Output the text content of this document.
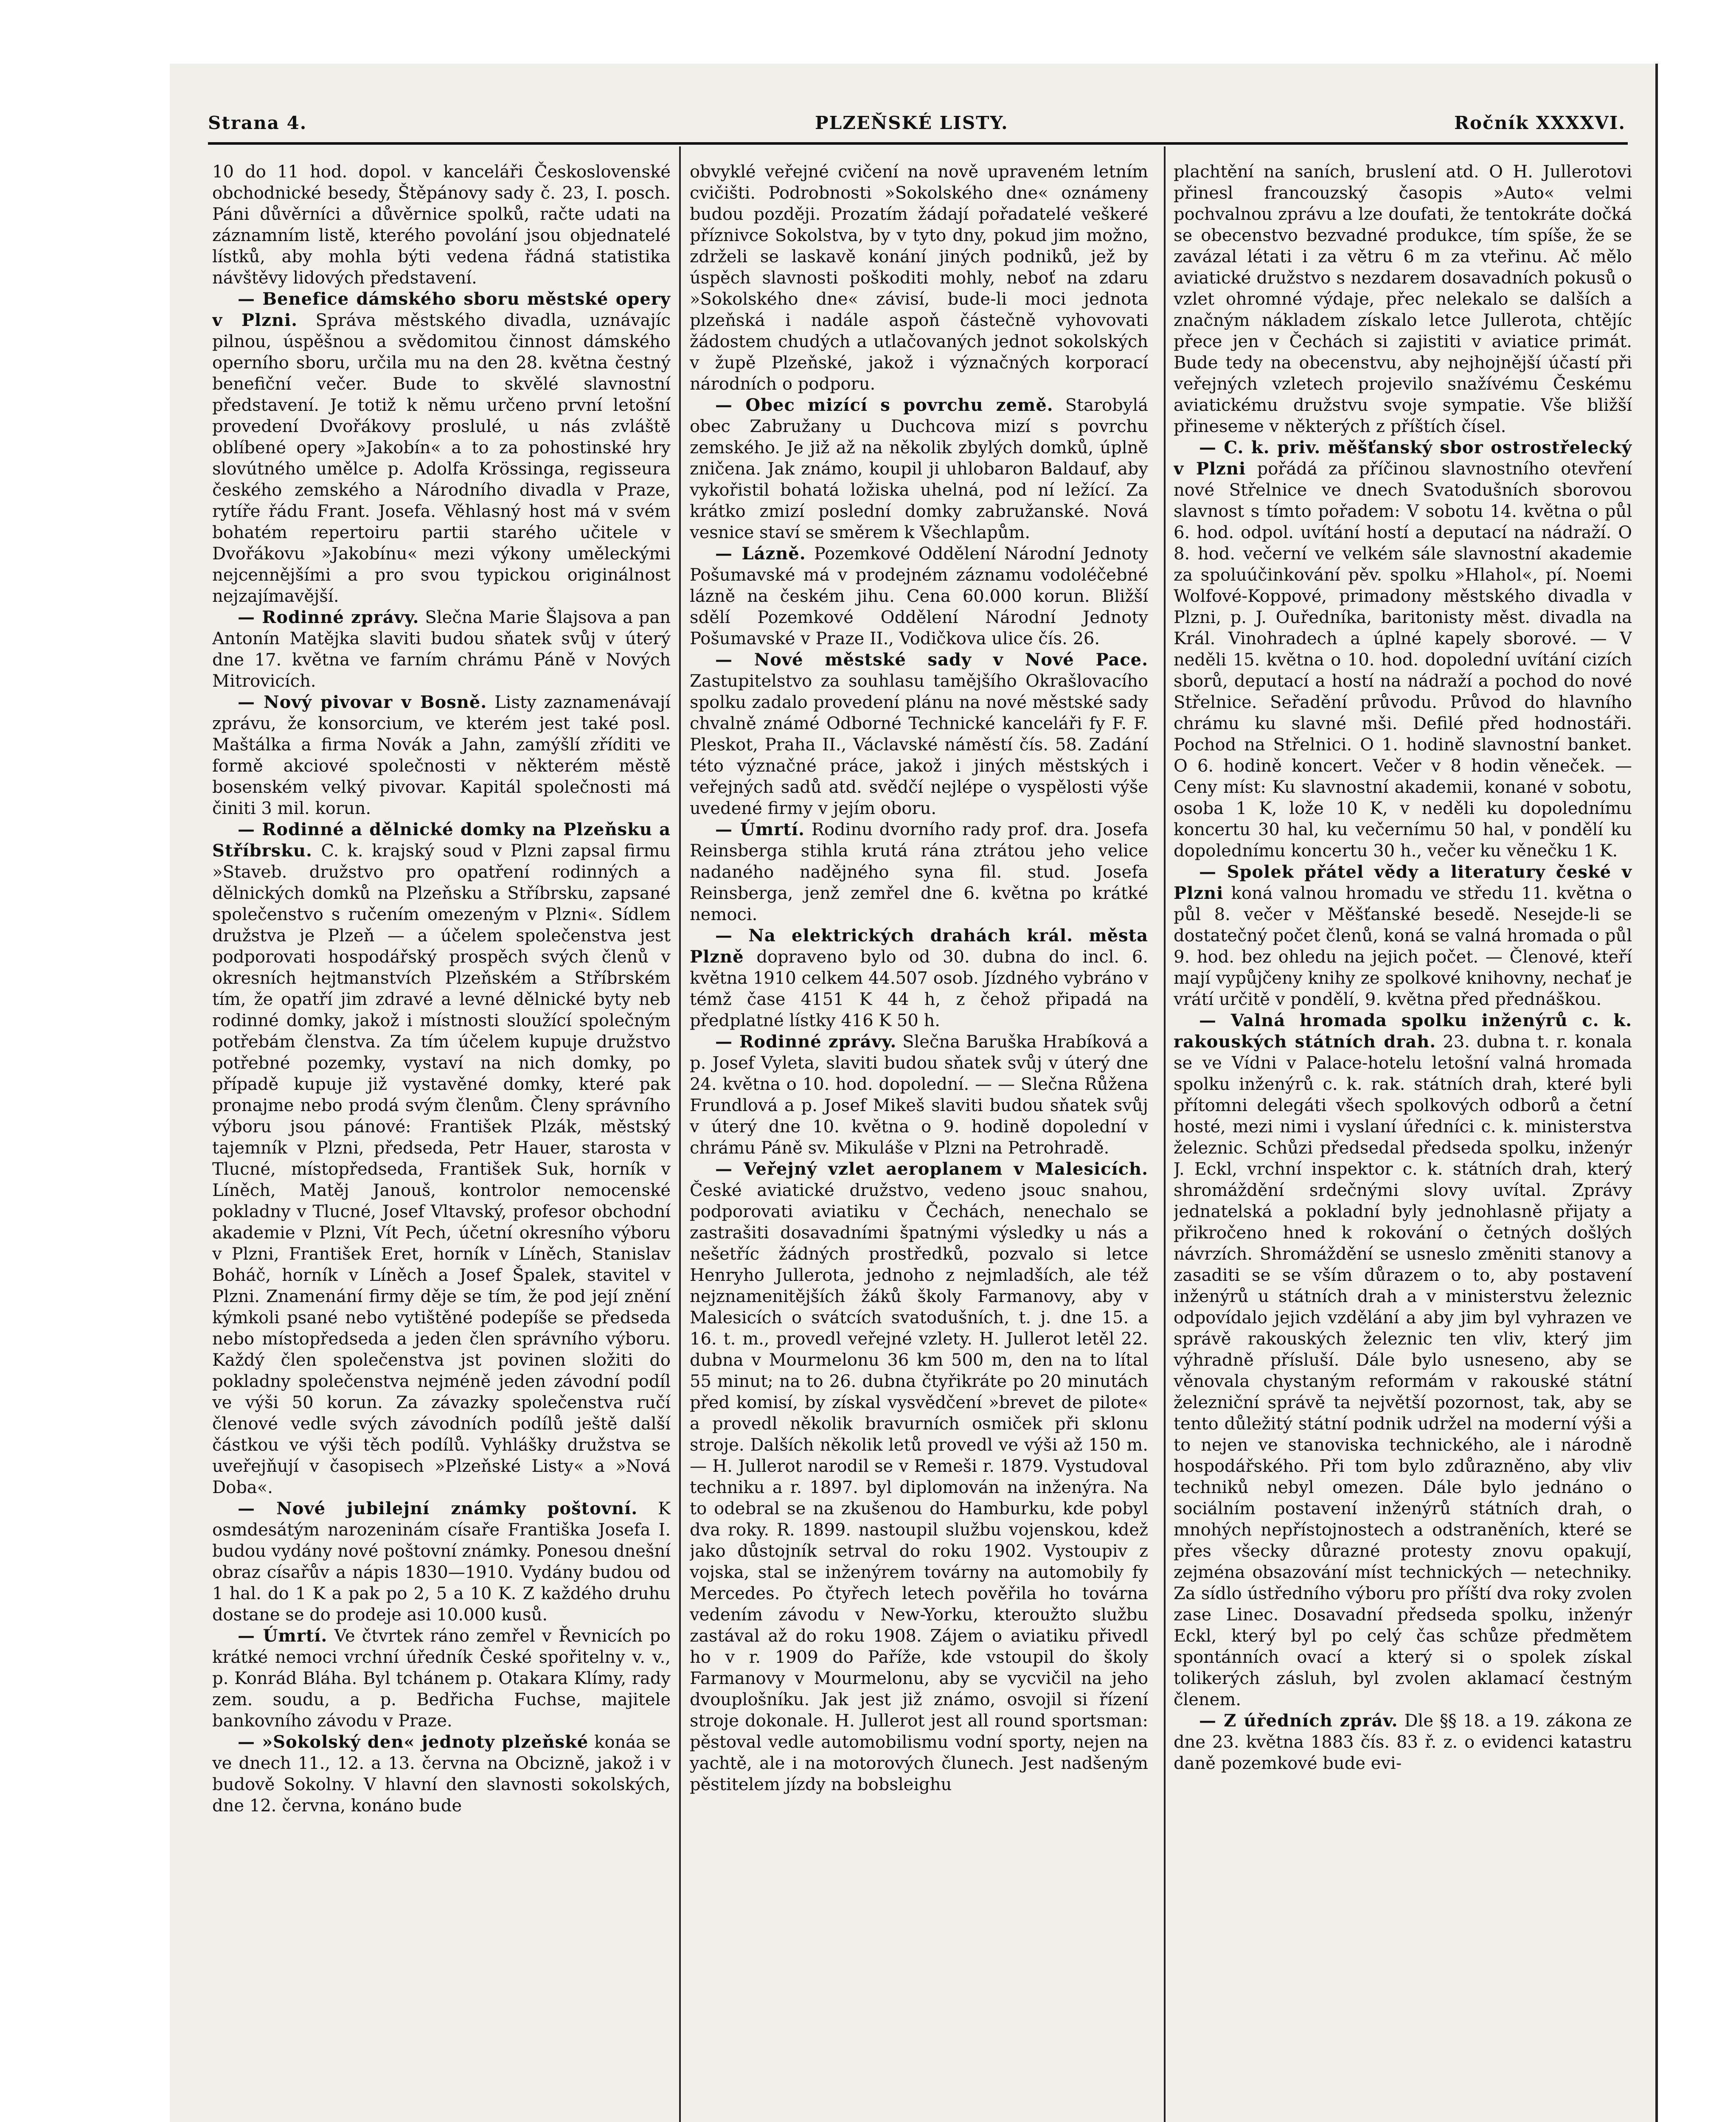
Strana 4.	PLZEŇSKÉ LISTY.	Ročník XXXXVI.

10 do 11 hod. dopol. v kanceláři Československé obchodnické besedy, Štěpánovy sady č. 23, I. posch. Páni důvěrníci a důvěrnice spolků, račte udati na záznamním listě, kterého povolání jsou objednatelé lístků, aby mohla býti vedena řádná statistika návštěvy lidových představení.

— Benefice dámského sboru městské opery v Plzni. Správa městského divadla, uznávajíc pilnou, úspěšnou a svědomitou činnost dámského operního sboru, určila mu na den 28. května čestný benefiční večer. Bude to skvělé slavnostní představení. Je totiž k němu určeno první letošní provedení Dvořákovy proslulé, u nás zvláště oblíbené opery »Jakobín« a to za pohostinské hry slovútného umělce p. Adolfa Krössinga, regisseura českého zemského a Národního divadla v Praze, rytíře řádu Frant. Josefa. Věhlasný host má v svém bohatém repertoiru partii starého učitele v Dvořákovu »Jakobínu« mezi výkony uměleckými nejcennějšími a pro svou typickou originálnost nejzajímavější.

— Rodinné zprávy. Slečna Marie Šlajsova a pan Antonín Matějka slaviti budou sňatek svůj v úterý dne 17. května ve farním chrámu Páně v Nových Mitrovicích.

— Nový pivovar v Bosně. Listy zaznamenávají zprávu, že konsorcium, ve kterém jest také posl. Maštálka a firma Novák a Jahn, zamýšlí zříditi ve formě akciové společnosti v některém městě bosenském velký pivovar. Kapitál společnosti má činiti 3 mil. korun.

— Rodinné a dělnické domky na Plzeňsku a Stříbrsku. C. k. krajský soud v Plzni zapsal firmu »Staveb. družstvo pro opatření rodinných a dělnických domků na Plzeňsku a Stříbrsku, zapsané společenstvo s ručením omezeným v Plzni«. Sídlem družstva je Plzeň — a účelem společenstva jest podporovati hospodářský prospěch svých členů v okresních hejtmanstvích Plzeňském a Stříbrském tím, že opatří jim zdravé a levné dělnické byty neb rodinné domky, jakož i místnosti sloužící společným potřebám členstva. Za tím účelem kupuje družstvo potřebné pozemky, vystaví na nich domky, po případě kupuje již vystavěné domky, které pak pronajme nebo prodá svým členům. Členy správního výboru jsou pánové: František Plzák, městský tajemník v Plzni, předseda, Petr Hauer, starosta v Tlucné, místopředseda, František Suk, horník v Líněch, Matěj Janouš, kontrolor nemocenské pokladny v Tlucné, Josef Vltavský, profesor obchodní akademie v Plzni, Vít Pech, účetní okresního výboru v Plzni, František Eret, horník v Líněch, Stanislav Boháč, horník v Líněch a Josef Špalek, stavitel v Plzni. Znamenání firmy děje se tím, že pod její znění kýmkoli psané nebo vytištěné podepíše se předseda nebo místopředseda a jeden člen správního výboru. Každý člen společenstva jst povinen složiti do pokladny společenstva nejméně jeden závodní podíl ve výši 50 korun. Za závazky společenstva ručí členové vedle svých závodních podílů ještě další částkou ve výši těch podílů. Vyhlášky družstva se uveřejňují v časopisech »Plzeňské Listy« a »Nová Doba«.

— Nové jubilejní známky poštovní. K osmdesátým narozeninám císaře Františka Josefa I. budou vydány nové poštovní známky. Ponesou dnešní obraz císařův a nápis 1830—1910. Vydány budou od 1 hal. do 1 K a pak po 2, 5 a 10 K. Z každého druhu dostane se do prodeje asi 10.000 kusů.

— Úmrtí. Ve čtvrtek ráno zemřel v Řevnicích po krátké nemoci vrchní úředník České spořitelny v. v., p. Konrád Bláha. Byl tchánem p. Otakara Klímy, rady zem. soudu, a p. Bedřicha Fuchse, majitele bankovního závodu v Praze.

— »Sokolský den« jednoty plzeňské konáa se ve dnech 11., 12. a 13. června na Obcizně, jakož i v budově Sokolny. V hlavní den slavnosti sokolských, dne 12. června, konáno bude

obvyklé veřejné cvičení na nově upraveném letním cvičišti. Podrobnosti »Sokolského dne« oznámeny budou později. Prozatím žádají pořadatelé veškeré příznivce Sokolstva, by v tyto dny, pokud jim možno, zdrželi se laskavě konání jiných podniků, jež by úspěch slavnosti poškoditi mohly, neboť na zdaru »Sokolského dne« závisí, bude-li moci jednota plzeňská i nadále aspoň částečně vyhovovati žádostem chudých a utlačovaných jednot sokolských v župě Plzeňské, jakož i význačných korporací národních o podporu.

— Obec mizící s povrchu země. Starobylá obec Zabružany u Duchcova mizí s povrchu zemského. Je již až na několik zbylých domků, úplně zničena. Jak známo, koupil ji uhlobaron Baldauf, aby vykořistil bohatá ložiska uhelná, pod ní ležící. Za krátko zmizí poslední domky zabružanské. Nová vesnice staví se směrem k Všechlapům.

— Lázně. Pozemkové Oddělení Národní Jednoty Pošumavské má v prodejném záznamu vodoléčebné lázně na českém jihu. Cena 60.000 korun. Bližší sdělí Pozemkové Oddělení Národní Jednoty Pošumavské v Praze II., Vodičkova ulice čís. 26.

— Nové městské sady v Nové Pace. Zastupitelstvo za souhlasu tamějšího Okrašlovacího spolku zadalo provedení plánu na nové městské sady chvalně známé Odborné Technické kanceláři fy F. F. Pleskot, Praha II., Václavské náměstí čís. 58. Zadání této význačné práce, jakož i jiných městských i veřejných sadů atd. svědčí nejlépe o vyspělosti výše uvedené firmy v jejím oboru.

— Úmrtí. Rodinu dvorního rady prof. dra. Josefa Reinsberga stihla krutá rána ztrátou jeho velice nadaného nadějného syna fil. stud. Josefa Reinsberga, jenž zemřel dne 6. května po krátké nemoci.

— Na elektrických drahách král. města Plzně dopraveno bylo od 30. dubna do incl. 6. května 1910 celkem 44.507 osob. Jízdného vybráno v témž čase 4151 K 44 h, z čehož připadá na předplatné lístky 416 K 50 h.

— Rodinné zprávy. Slečna Baruška Hrabíková a p. Josef Vyleta, slaviti budou sňatek svůj v úterý dne 24. května o 10. hod. dopolední. — — Slečna Růžena Frundlová a p. Josef Mikeš slaviti budou sňatek svůj v úterý dne 10. května o 9. hodině dopolední v chrámu Páně sv. Mikuláše v Plzni na Petrohradě.

— Veřejný vzlet aeroplanem v Malesicích. České aviatické družstvo, vedeno jsouc snahou, podporovati aviatiku v Čechách, nenechalo se zastrašiti dosavadními špatnými výsledky u nás a nešetříc žádných prostředků, pozvalo si letce Henryho Jullerota, jednoho z nejmladších, ale též nejznamenitějších žáků školy Farmanovy, aby v Malesicích o svátcích svatodušních, t. j. dne 15. a 16. t. m., provedl veřejné vzlety. H. Jullerot letěl 22. dubna v Mourmelonu 36 km 500 m, den na to lítal 55 minut; na to 26. dubna čtyřikráte po 20 minutách před komisí, by získal vysvědčení »brevet de pilote« a provedl několik bravurních osmiček při sklonu stroje. Dalších několik letů provedl ve výši až 150 m. — H. Jullerot narodil se v Remeši r. 1879. Vystudoval techniku a r. 1897. byl diplomován na inženýra. Na to odebral se na zkušenou do Hamburku, kde pobyl dva roky. R. 1899. nastoupil službu vojenskou, kdež jako důstojník setrval do roku 1902. Vystoupiv z vojska, stal se inženýrem továrny na automobily fy Mercedes. Po čtyřech letech pověřila ho továrna vedením závodu v New-Yorku, kteroužto službu zastával až do roku 1908. Zájem o aviatiku přivedl ho v r. 1909 do Paříže, kde vstoupil do školy Farmanovy v Mourmelonu, aby se vycvičil na jeho dvouplošníku. Jak jest již známo, osvojil si řízení stroje dokonale. H. Jullerot jest all round sportsman: pěstoval vedle automobilismu vodní sporty, nejen na yachtě, ale i na motorových člunech. Jest nadšeným pěstitelem jízdy na bobsleighu

plachtění na saních, bruslení atd. O H. Jullerotovi přinesl francouzský časopis »Auto« velmi pochvalnou zprávu a lze doufati, že tentokráte dočká se obecenstvo bezvadné produkce, tím spíše, že se zavázal létati i za větru 6 m za vteřinu. Ač mělo aviatické družstvo s nezdarem dosavadních pokusů o vzlet ohromné výdaje, přec nelekalo se dalších a značným nákladem získalo letce Jullerota, chtějíc přece jen v Čechách si zajistiti v aviatice primát. Bude tedy na obecenstvu, aby nejhojnější účastí při veřejných vzletech projevilo snažívému Českému aviatickému družstvu svoje sympatie. Vše bližší přineseme v některých z příštích čísel.

— C. k. priv. měšťanský sbor ostrostřelecký v Plzni pořádá za příčinou slavnostního otevření nové Střelnice ve dnech Svatodušních sborovou slavnost s tímto pořadem: V sobotu 14. května o půl 6. hod. odpol. uvítání hostí a deputací na nádraží. O 8. hod. večerní ve velkém sále slavnostní akademie za spoluúčinkování pěv. spolku »Hlahol«, pí. Noemi Wolfové-Koppové, primadony městského divadla v Plzni, p. J. Ouředníka, baritonisty měst. divadla na Král. Vinohradech a úplné kapely sborové. — V neděli 15. května o 10. hod. dopolední uvítání cizích sborů, deputací a hostí na nádraží a pochod do nové Střelnice. Seřadění průvodu. Průvod do hlavního chrámu ku slavné mši. Defilé před hodnostáři. Pochod na Střelnici. O 1. hodině slavnostní banket. O 6. hodině koncert. Večer v 8 hodin věneček. — Ceny míst: Ku slavnostní akademii, konané v sobotu, osoba 1 K, lože 10 K, v neděli ku dopolednímu koncertu 30 hal, ku večernímu 50 hal, v pondělí ku dopolednímu koncertu 30 h., večer ku věnečku 1 K.

— Spolek přátel vědy a literatury české v Plzni koná valnou hromadu ve středu 11. května o půl 8. večer v Měšťanské besedě. Nesejde-li se dostatečný počet členů, koná se valná hromada o půl 9. hod. bez ohledu na jejich počet. — Členové, kteří mají vypůjčeny knihy ze spolkové knihovny, nechať je vrátí určitě v pondělí, 9. května před přednáškou.

— Valná hromada spolku inženýrů c. k. rakouských státních drah. 23. dubna t. r. konala se ve Vídni v Palace-hotelu letošní valná hromada spolku inženýrů c. k. rak. státních drah, které byli přítomni delegáti všech spolkových odborů a četní hosté, mezi nimi i vyslaní úředníci c. k. ministerstva železnic. Schůzi předsedal předseda spolku, inženýr J. Eckl, vrchní inspektor c. k. státních drah, který shromáždění srdečnými slovy uvítal. Zprávy jednatelská a pokladní byly jednohlasně přijaty a přikročeno hned k rokování o četných došlých návrzích. Shromáždění se usneslo změniti stanovy a zasaditi se se vším důrazem o to, aby postavení inženýrů u státních drah a v ministerstvu železnic odpovídalo jejich vzdělání a aby jim byl vyhrazen ve správě rakouských železnic ten vliv, který jim výhradně přísluší. Dále bylo usneseno, aby se věnovala chystaným reformám v rakouské státní železniční správě ta největší pozornost, tak, aby se tento důležitý státní podnik udržel na moderní výši a to nejen ve stanoviska technického, ale i národně hospodářského. Při tom bylo zdůrazněno, aby vliv techniků nebyl omezen. Dále bylo jednáno o sociálním postavení inženýrů státních drah, o mnohých nepřístojnostech a odstraněních, které se přes všecky důrazné protesty znovu opakují, zejména obsazování míst technických — netechniky. Za sídlo ústředního výboru pro příští dva roky zvolen zase Linec. Dosavadní předseda spolku, inženýr Eckl, který byl po celý čas schůze předmětem spontánních ovací a který si o spolek získal tolikerých zásluh, byl zvolen aklamací čestným členem.

— Z úředních zpráv. Dle §§ 18. a 19. zákona ze dne 23. května 1883 čís. 83 ř. z. o evidenci katastru daně pozemkové bude evi-
